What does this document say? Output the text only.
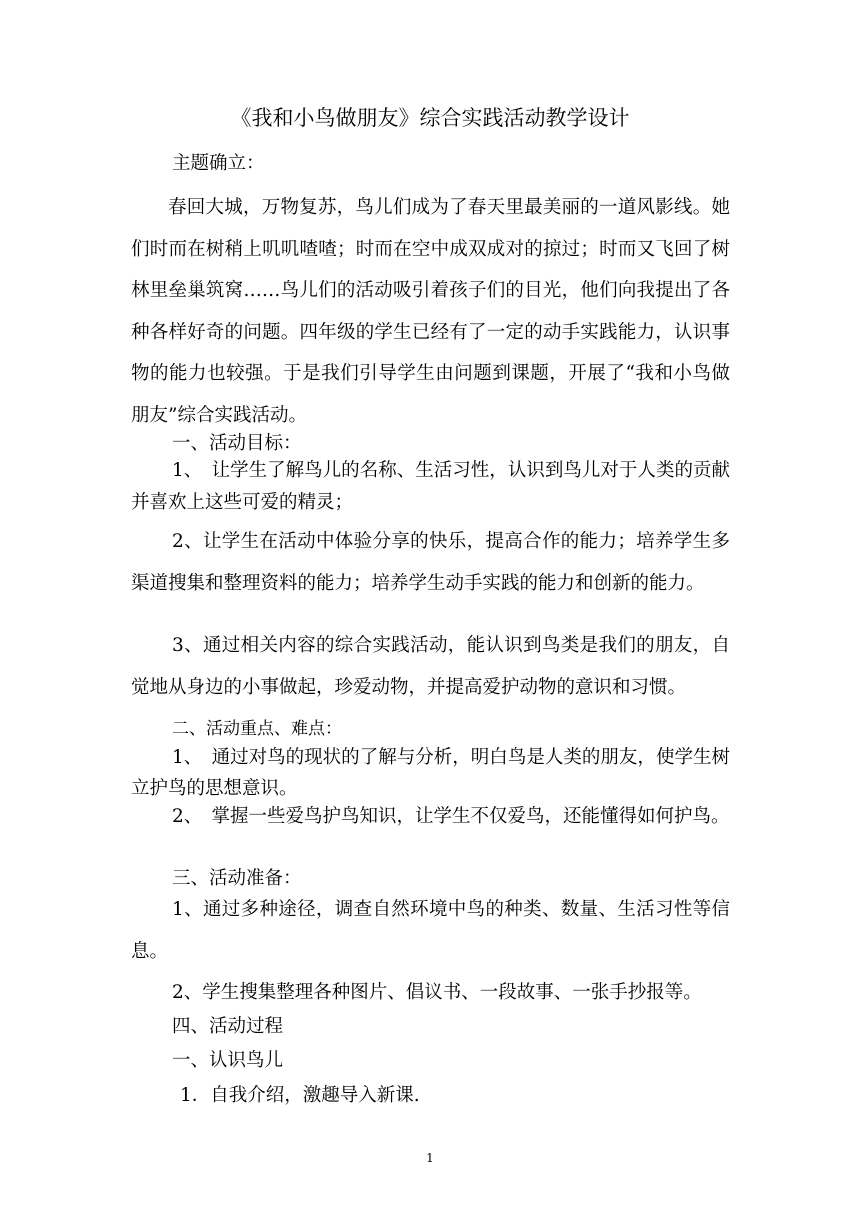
《我和小鸟做朋友》综合实践活动教学设计

主题确立：

春回大城，万物复苏，鸟儿们成为了春天里最美丽的一道风影线。她们时而在树稍上叽叽喳喳；时而在空中成双成对的掠过；时而又飞回了树林里垒巢筑窝……鸟儿们的活动吸引着孩子们的目光，他们向我提出了各种各样好奇的问题。四年级的学生已经有了一定的动手实践能力，认识事物的能力也较强。于是我们引导学生由问题到课题，开展了“我和小鸟做朋友”综合实践活动。

一、活动目标：

1、　让学生了解鸟儿的名称、生活习性，认识到鸟儿对于人类的贡献并喜欢上这些可爱的精灵；

2、让学生在活动中体验分享的快乐，提高合作的能力；培养学生多渠道搜集和整理资料的能力；培养学生动手实践的能力和创新的能力。

3、通过相关内容的综合实践活动，能认识到鸟类是我们的朋友，自觉地从身边的小事做起，珍爱动物，并提高爱护动物的意识和习惯。

二、活动重点、难点：

1、　通过对鸟的现状的了解与分析，明白鸟是人类的朋友，使学生树立护鸟的思想意识。

2、　掌握一些爱鸟护鸟知识，让学生不仅爱鸟，还能懂得如何护鸟。

三、活动准备：

1、通过多种途径，调查自然环境中鸟的种类、数量、生活习性等信息。

2、学生搜集整理各种图片、倡议书、一段故事、一张手抄报等。

四、活动过程

一、认识鸟儿

1．自我介绍，激趣导入新课.

1
